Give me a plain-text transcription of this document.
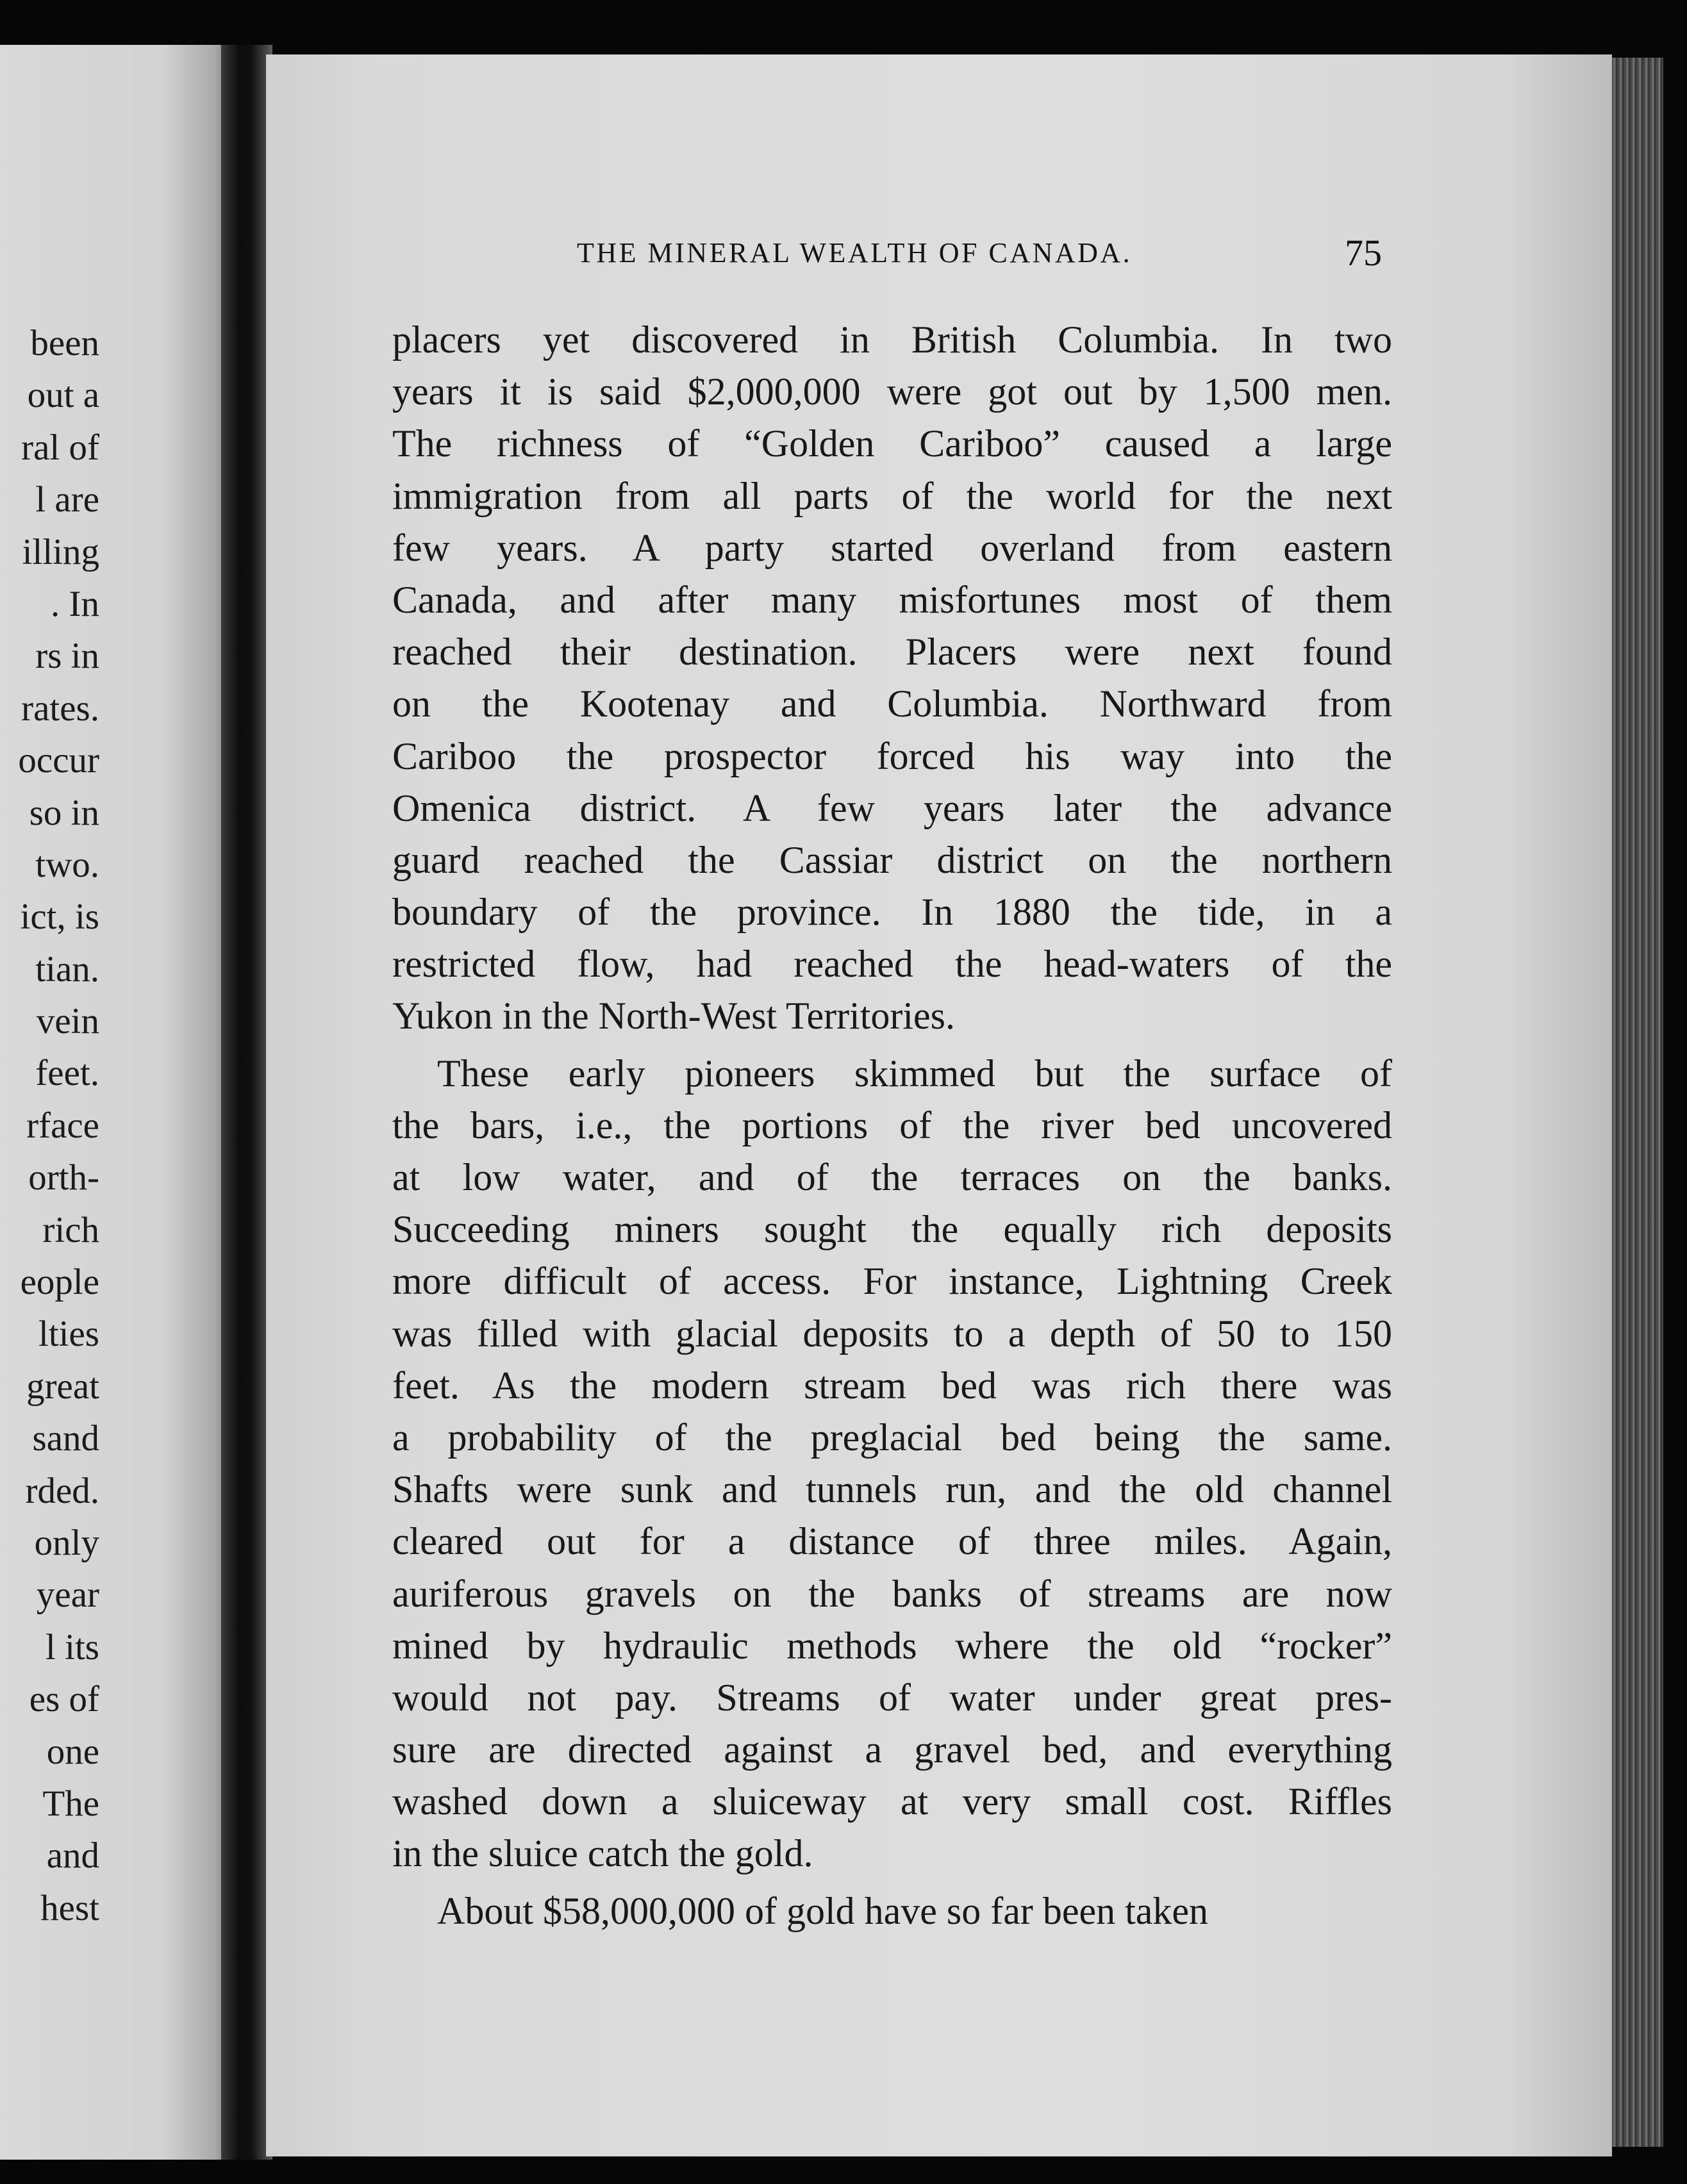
been
out a
ral of
l are
illing
. In
rs in
rates.
occur
so in
two.
ict, is
tian.
vein
feet.
rface
orth-
rich
eople
lties
great
sand
rded.
only
year
l its
es of
one
The
and
hest
THE MINERAL WEALTH OF CANADA.	75
placers yet discovered in British Columbia. In two
years it is said $2,000,000 were got out by 1,500 men.
The richness of “Golden Cariboo” caused a large
immigration from all parts of the world for the next
few years. A party started overland from eastern
Canada, and after many misfortunes most of them
reached their destination. Placers were next found
on the Kootenay and Columbia. Northward from
Cariboo the prospector forced his way into the
Omenica district. A few years later the advance
guard reached the Cassiar district on the northern
boundary of the province. In 1880 the tide, in a
restricted flow, had reached the head-waters of the
Yukon in the North-West Territories.
These early pioneers skimmed but the surface of
the bars, i.e., the portions of the river bed uncovered
at low water, and of the terraces on the banks.
Succeeding miners sought the equally rich deposits
more difficult of access. For instance, Lightning Creek
was filled with glacial deposits to a depth of 50 to 150
feet. As the modern stream bed was rich there was
a probability of the preglacial bed being the same.
Shafts were sunk and tunnels run, and the old channel
cleared out for a distance of three miles. Again,
auriferous gravels on the banks of streams are now
mined by hydraulic methods where the old “rocker”
would not pay. Streams of water under great pres-
sure are directed against a gravel bed, and everything
washed down a sluiceway at very small cost. Riffles
in the sluice catch the gold.
About $58,000,000 of gold have so far been taken
